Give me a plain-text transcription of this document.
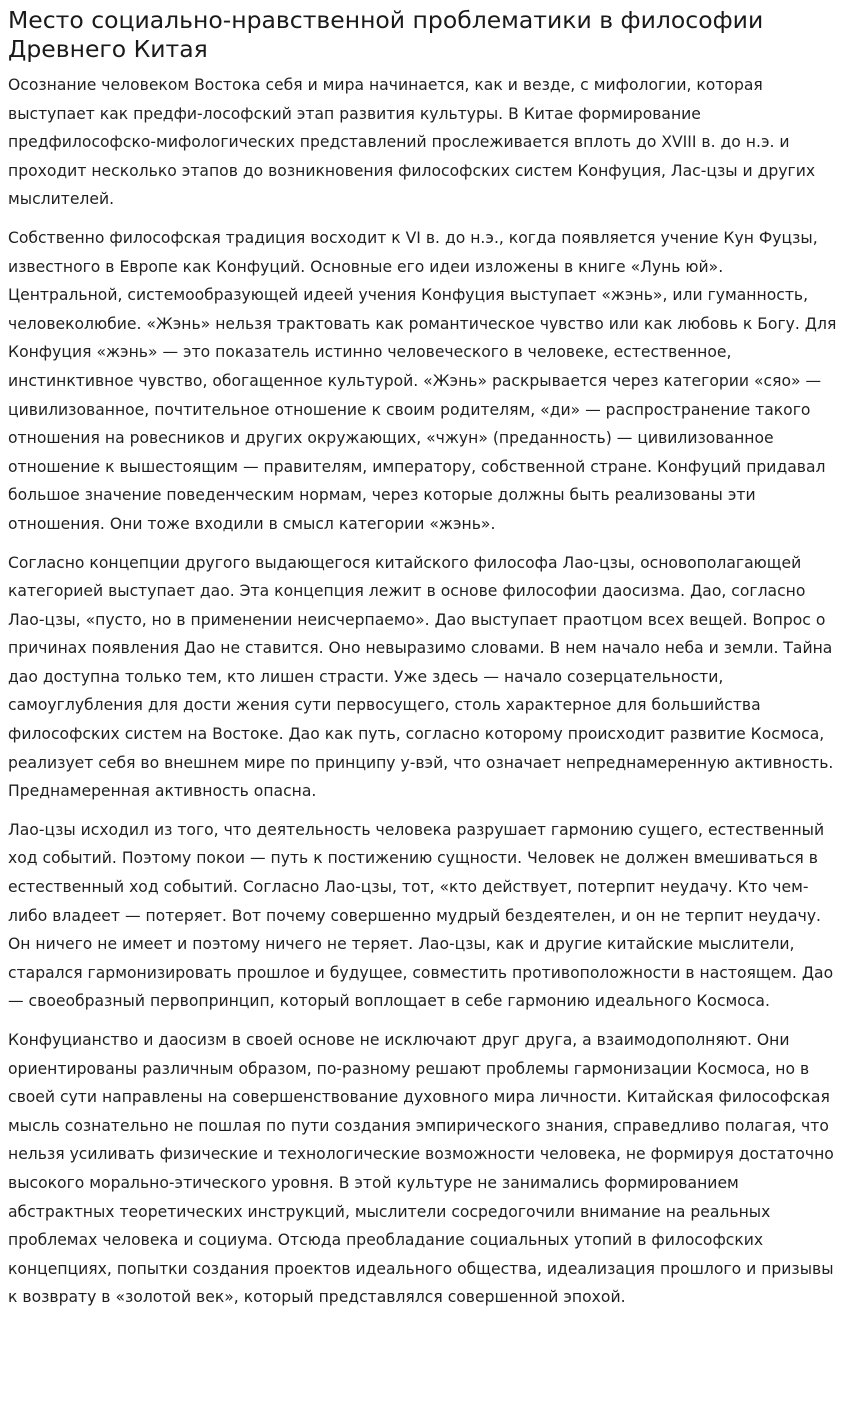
Место социально-нравственной проблематики в философии Древнего Китая

Осознание человеком Востока себя и мира начинается, как и везде, с мифологии, которая выступает как предфи-лософский этап развития культуры. В Китае формирование предфилософско-мифологических представлений прослеживается вплоть до XVIII в. до н.э. и проходит несколько этапов до возникновения философских систем Конфуция, Лас-цзы и других мыслителей.

Собственно философская традиция восходит к VI в. до н.э., когда появляется учение Кун Фуцзы, известного в Европе как Конфуций. Основные его идеи изложены в книге «Лунь юй». Центральной, системообразующей идеей учения Конфуция выступает «жэнь», или гуманность, человеколюбие. «Жэнь» нельзя трактовать как романтическое чувство или как любовь к Богу. Для Конфуция «жэнь» — это показатель истинно человеческого в человеке, естественное, инстинктивное чувство, обогащенное культурой. «Жэнь» раскрывается через категории «сяо» — цивилизованное, почтительное отношение к своим родителям, «ди» — распространение такого отношения на ровесников и других окружающих, «чжун» (преданность) — цивилизованное отношение к вышестоящим — правителям, императору, собственной стране. Конфуций придавал большое значение поведенческим нормам, через которые должны быть реализованы эти отношения. Они тоже входили в смысл категории «жэнь».

Согласно концепции другого выдающегося китайского философа Лао-цзы, основополагающей категорией выступает дао. Эта концепция лежит в основе философии даосизма. Дао, согласно Лао-цзы, «пусто, но в применении неисчерпаемо». Дао выступает праотцом всех вещей. Вопрос о причинах появления Дао не ставится. Оно невыразимо словами. В нем начало неба и земли. Тайна дао доступна только тем, кто лишен страсти. Уже здесь — начало созерцательности, самоуглубления для дости жения сути первосущего, столь характерное для большийства философских систем на Востоке. Дао как путь, согласно которому происходит развитие Космоса, реализует себя во внешнем мире по принципу у-вэй, что означает непреднамеренную активность. Преднамеренная активность опасна.

Лао-цзы исходил из того, что деятельность человека разрушает гармонию сущего, естественный ход событий. Поэтому покои — путь к постижению сущности. Человек не должен вмешиваться в естественный ход событий. Согласно Лао-цзы, тот, «кто действует, потерпит неудачу. Кто чем-либо владеет — потеряет. Вот почему совершенно мудрый бездеятелен, и он не терпит неудачу. Он ничего не имеет и поэтому ничего не теряет. Лао-цзы, как и другие китайские мыслители, старался гармонизировать прошлое и будущее, совместить противоположности в настоящем. Дао — своеобразный первопринцип, который воплощает в себе гармонию идеального Космоса.

Конфуцианство и даосизм в своей основе не исключают друг друга, а взаимодополняют. Они ориентированы различным образом, по-разному решают проблемы гармонизации Космоса, но в своей сути направлены на совершенствование духовного мира личности. Китайская философская мысль сознательно не пошлая по пути создания эмпирического знания, справедливо полагая, что нельзя усиливать физические и технологические возможности человека, не формируя достаточно высокого морально-этического уровня. В этой культуре не занимались формированием абстрактных теоретических инструкций, мыслители сосредогочили внимание на реальных проблемах человека и социума. Отсюда преобладание социальных утопий в философских концепциях, попытки создания проектов идеального общества, идеализация прошлого и призывы к возврату в «золотой век», который представлялся совершенной эпохой.
